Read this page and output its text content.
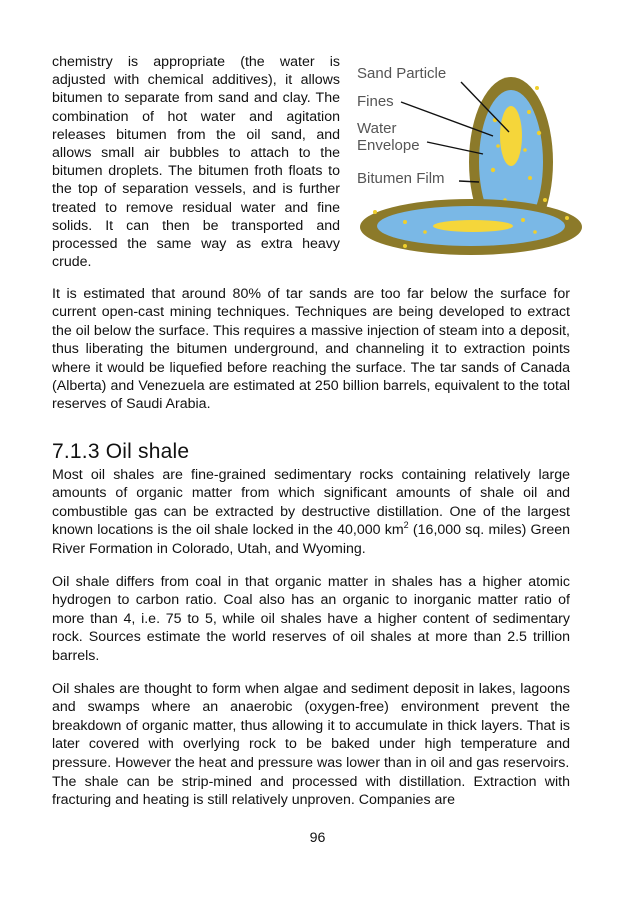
chemistry is appropriate (the water is adjusted with chemical additives), it allows bitumen to separate from sand and clay. The combination of hot water and agitation releases bitumen from the oil sand, and allows small air bubbles to attach to the bitumen droplets. The bitumen froth floats to the top of separation vessels, and is further treated to remove residual water and fine solids. It can then be transported and processed the same way as extra heavy crude.

Sand Particle
Fines
Water
Envelope
Bitumen Film

It is estimated that around 80% of tar sands are too far below the surface for current open-cast mining techniques. Techniques are being developed to extract the oil below the surface. This requires a massive injection of steam into a deposit, thus liberating the bitumen underground, and channeling it to extraction points where it would be liquefied before reaching the surface. The tar sands of Canada (Alberta) and Venezuela are estimated at 250 billion barrels, equivalent to the total reserves of Saudi Arabia.

7.1.3 Oil shale

Most oil shales are fine-grained sedimentary rocks containing relatively large amounts of organic matter from which significant amounts of shale oil and combustible gas can be extracted by destructive distillation. One of the largest known locations is the oil shale locked in the 40,000 $km^2$ (16,000 sq. miles) Green River Formation in Colorado, Utah, and Wyoming.

Oil shale differs from coal in that organic matter in shales has a higher atomic hydrogen to carbon ratio. Coal also has an organic to inorganic matter ratio of more than 4, i.e. 75 to 5, while oil shales have a higher content of sedimentary rock. Sources estimate the world reserves of oil shales at more than 2.5 trillion barrels.

Oil shales are thought to form when algae and sediment deposit in lakes, lagoons and swamps where an anaerobic (oxygen-free) environment prevent the breakdown of organic matter, thus allowing it to accumulate in thick layers. That is later covered with overlying rock to be baked under high temperature and pressure. However the heat and pressure was lower than in oil and gas reservoirs.

The shale can be strip-mined and processed with distillation. Extraction with fracturing and heating is still relatively unproven. Companies are

96
